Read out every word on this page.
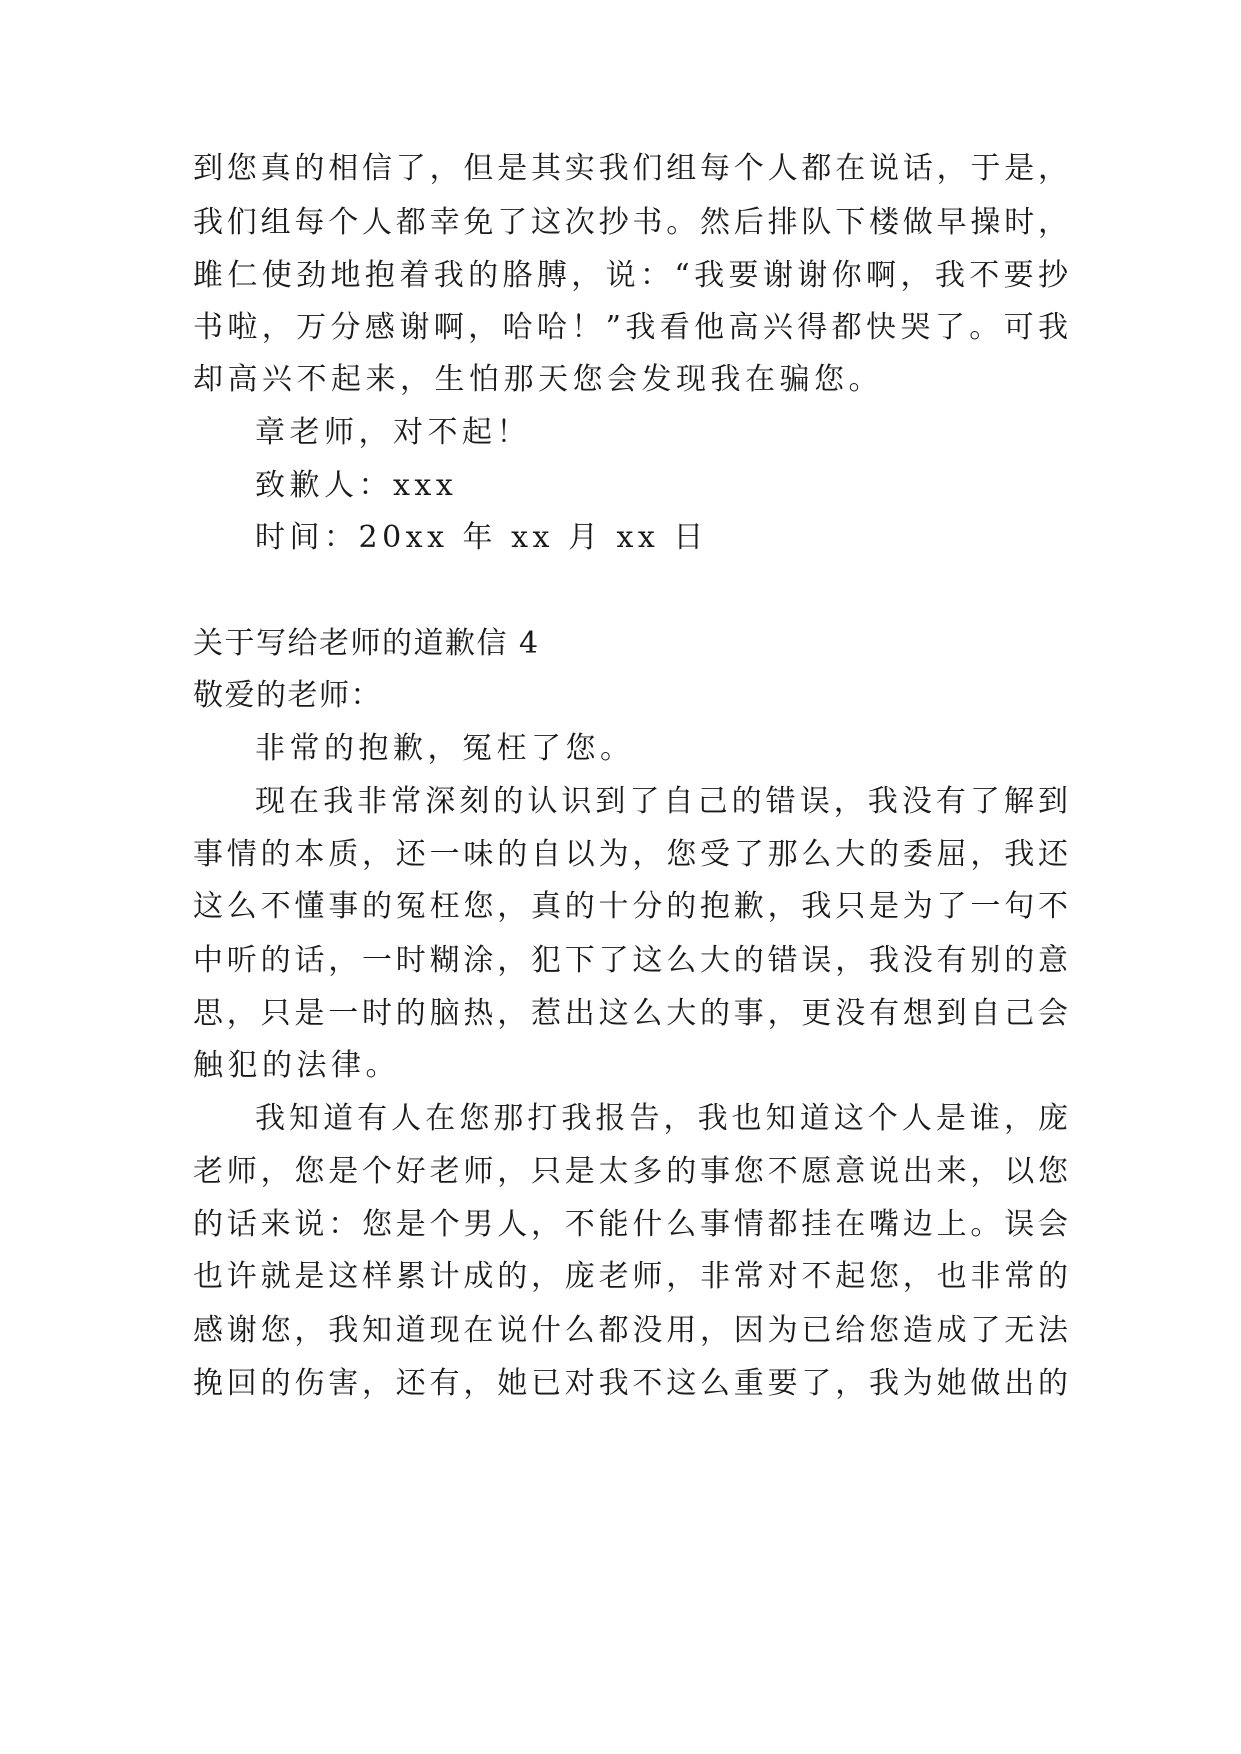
到您真的相信了，但是其实我们组每个人都在说话，于是，
我们组每个人都幸免了这次抄书。然后排队下楼做早操时，
雎仁使劲地抱着我的胳膊，说：“我要谢谢你啊，我不要抄
书啦，万分感谢啊，哈哈！”我看他高兴得都快哭了。可我
却高兴不起来，生怕那天您会发现我在骗您。
章老师，对不起！
致歉人：xxx
时间：20xx 年 xx 月 xx 日
关于写给老师的道歉信 4
敬爱的老师：
非常的抱歉，冤枉了您。
现在我非常深刻的认识到了自己的错误，我没有了解到
事情的本质，还一味的自以为，您受了那么大的委屈，我还
这么不懂事的冤枉您，真的十分的抱歉，我只是为了一句不
中听的话，一时糊涂，犯下了这么大的错误，我没有别的意
思，只是一时的脑热，惹出这么大的事，更没有想到自己会
触犯的法律。
我知道有人在您那打我报告，我也知道这个人是谁，庞
老师，您是个好老师，只是太多的事您不愿意说出来，以您
的话来说：您是个男人，不能什么事情都挂在嘴边上。误会
也许就是这样累计成的，庞老师，非常对不起您，也非常的
感谢您，我知道现在说什么都没用，因为已给您造成了无法
挽回的伤害，还有，她已对我不这么重要了，我为她做出的
